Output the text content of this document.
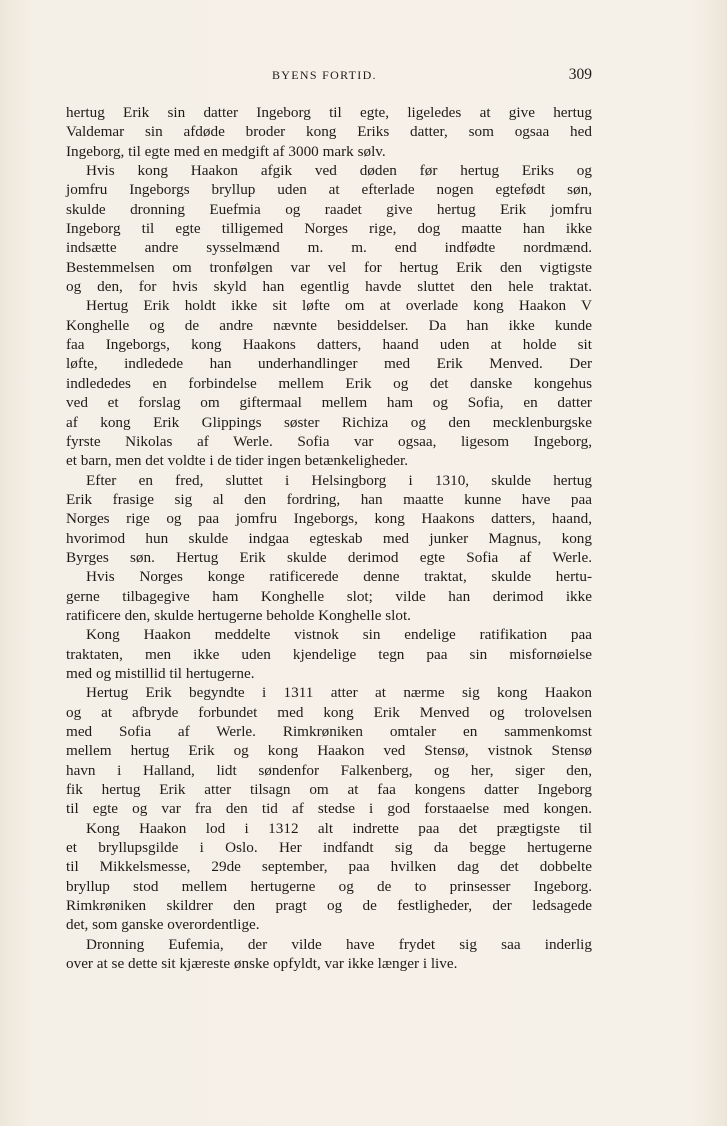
BYENS FORTID.	309
hertug Erik sin datter Ingeborg til egte, ligeledes at give hertug
Valdemar sin afdøde broder kong Eriks datter, som ogsaa hed
Ingeborg, til egte med en medgift af 3000 mark sølv.
Hvis kong Haakon afgik ved døden før hertug Eriks og
jomfru Ingeborgs bryllup uden at efterlade nogen egtefødt søn,
skulde dronning Euefmia og raadet give hertug Erik jomfru
Ingeborg til egte tilligemed Norges rige, dog maatte han ikke
indsætte andre sysselmænd m. m. end indfødte nordmænd.
Bestemmelsen om tronfølgen var vel for hertug Erik den vigtigste
og den, for hvis skyld han egentlig havde sluttet den hele traktat.
Hertug Erik holdt ikke sit løfte om at overlade kong Haakon V
Konghelle og de andre nævnte besiddelser. Da han ikke kunde
faa Ingeborgs, kong Haakons datters, haand uden at holde sit
løfte, indledede han underhandlinger med Erik Menved. Der
indlededes en forbindelse mellem Erik og det danske kongehus
ved et forslag om giftermaal mellem ham og Sofia, en datter
af kong Erik Glippings søster Richiza og den mecklenburgske
fyrste Nikolas af Werle. Sofia var ogsaa, ligesom Ingeborg,
et barn, men det voldte i de tider ingen betænkeligheder.
Efter en fred, sluttet i Helsingborg i 1310, skulde hertug
Erik frasige sig al den fordring, han maatte kunne have paa
Norges rige og paa jomfru Ingeborgs, kong Haakons datters, haand,
hvorimod hun skulde indgaa egteskab med junker Magnus, kong
Byrges søn. Hertug Erik skulde derimod egte Sofia af Werle.
Hvis Norges konge ratificerede denne traktat, skulde hertu-
gerne tilbagegive ham Konghelle slot; vilde han derimod ikke
ratificere den, skulde hertugerne beholde Konghelle slot.
Kong Haakon meddelte vistnok sin endelige ratifikation paa
traktaten, men ikke uden kjendelige tegn paa sin misfornøielse
med og mistillid til hertugerne.
Hertug Erik begyndte i 1311 atter at nærme sig kong Haakon
og at afbryde forbundet med kong Erik Menved og trolovelsen
med Sofia af Werle. Rimkrøniken omtaler en sammenkomst
mellem hertug Erik og kong Haakon ved Stensø, vistnok Stensø
havn i Halland, lidt søndenfor Falkenberg, og her, siger den,
fik hertug Erik atter tilsagn om at faa kongens datter Ingeborg
til egte og var fra den tid af stedse i god forstaaelse med kongen.
Kong Haakon lod i 1312 alt indrette paa det prægtigste til
et bryllupsgilde i Oslo. Her indfandt sig da begge hertugerne
til Mikkelsmesse, 29de september, paa hvilken dag det dobbelte
bryllup stod mellem hertugerne og de to prinsesser Ingeborg.
Rimkrøniken skildrer den pragt og de festligheder, der ledsagede
det, som ganske overordentlige.
Dronning Eufemia, der vilde have frydet sig saa inderlig
over at se dette sit kjæreste ønske opfyldt, var ikke længer i live.
